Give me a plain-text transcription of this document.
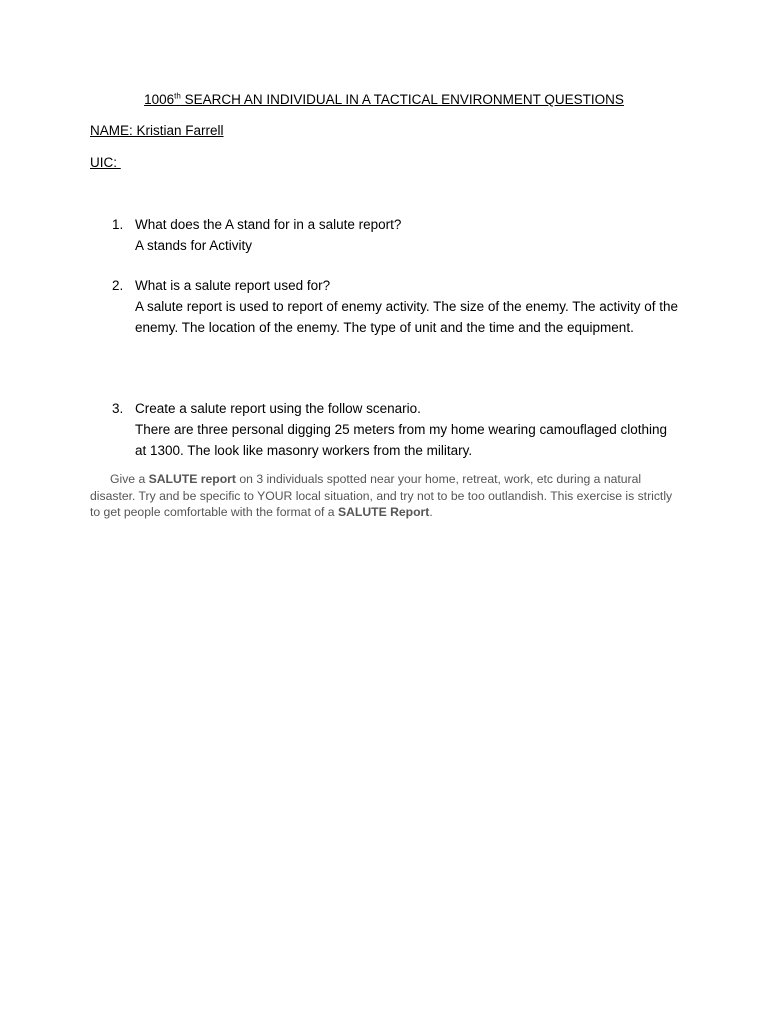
1006th SEARCH AN INDIVIDUAL IN A TACTICAL ENVIRONMENT QUESTIONS
NAME: Kristian Farrell
UIC:
1. What does the A stand for in a salute report?
A stands for Activity
2. What is a salute report used for?
A salute report is used to report of enemy activity. The size of the enemy. The activity of the enemy. The location of the enemy. The type of unit and the time and the equipment.
3. Create a salute report using the follow scenario.
There are three personal digging 25 meters from my home wearing camouflaged clothing at 1300. The look like masonry workers from the military.
Give a SALUTE report on 3 individuals spotted near your home, retreat, work, etc during a natural disaster. Try and be specific to YOUR local situation, and try not to be too outlandish. This exercise is strictly to get people comfortable with the format of a SALUTE Report.
